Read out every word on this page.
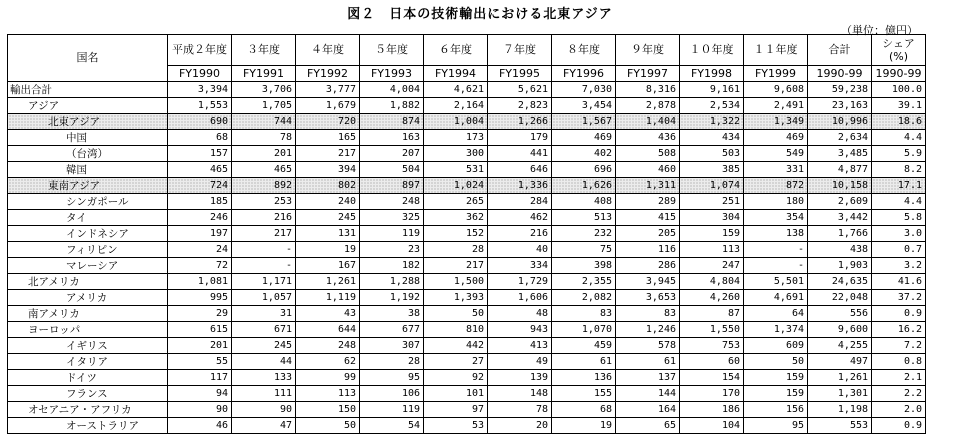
図２　日本の技術輸出における北東アジア
（単位：億円）
国名	平成２年度	３年度	４年度	５年度	６年度	７年度	８年度	９年度	１０年度	１１年度	合計	シェア
(%)
	FY1990	FY1991	FY1992	FY1993	FY1994	FY1995	FY1996	FY1997	FY1998	FY1999	1990-99	1990-99

輸出合計	3,394	3,706	3,777	4,004	4,621	5,621	7,030	8,316	9,161	9,608	59,238	100.0

アジア	1,553	1,705	1,679	1,882	2,164	2,823	3,454	2,878	2,534	2,491	23,163	39.1

北東アジア	690	744	720	874	1,004	1,266	1,567	1,404	1,322	1,349	10,996	18.6

中国	68	78	165	163	173	179	469	436	434	469	2,634	4.4

（台湾）	157	201	217	207	300	441	402	508	503	549	3,485	5.9

韓国	465	465	394	504	531	646	696	460	385	331	4,877	8.2

東南アジア	724	892	802	897	1,024	1,336	1,626	1,311	1,074	872	10,158	17.1

シンガポール	185	253	240	248	265	284	408	289	251	180	2,609	4.4

タイ	246	216	245	325	362	462	513	415	304	354	3,442	5.8

インドネシア	197	217	131	119	152	216	232	205	159	138	1,766	3.0

フィリピン	24	-	19	23	28	40	75	116	113	-	438	0.7

マレーシア	72	-	167	182	217	334	398	286	247	-	1,903	3.2

北アメリカ	1,081	1,171	1,261	1,288	1,500	1,729	2,355	3,945	4,804	5,501	24,635	41.6

アメリカ	995	1,057	1,119	1,192	1,393	1,606	2,082	3,653	4,260	4,691	22,048	37.2

南アメリカ	29	31	43	38	50	48	83	83	87	64	556	0.9

ヨーロッパ	615	671	644	677	810	943	1,070	1,246	1,550	1,374	9,600	16.2

イギリス	201	245	248	307	442	413	459	578	753	609	4,255	7.2

イタリア	55	44	62	28	27	49	61	61	60	50	497	0.8

ドイツ	117	133	99	95	92	139	136	137	154	159	1,261	2.1

フランス	94	111	113	106	101	148	155	144	170	159	1,301	2.2

オセアニア・アフリカ	90	90	150	119	97	78	68	164	186	156	1,198	2.0

オーストラリア	46	47	50	54	53	20	19	65	104	95	553	0.9
